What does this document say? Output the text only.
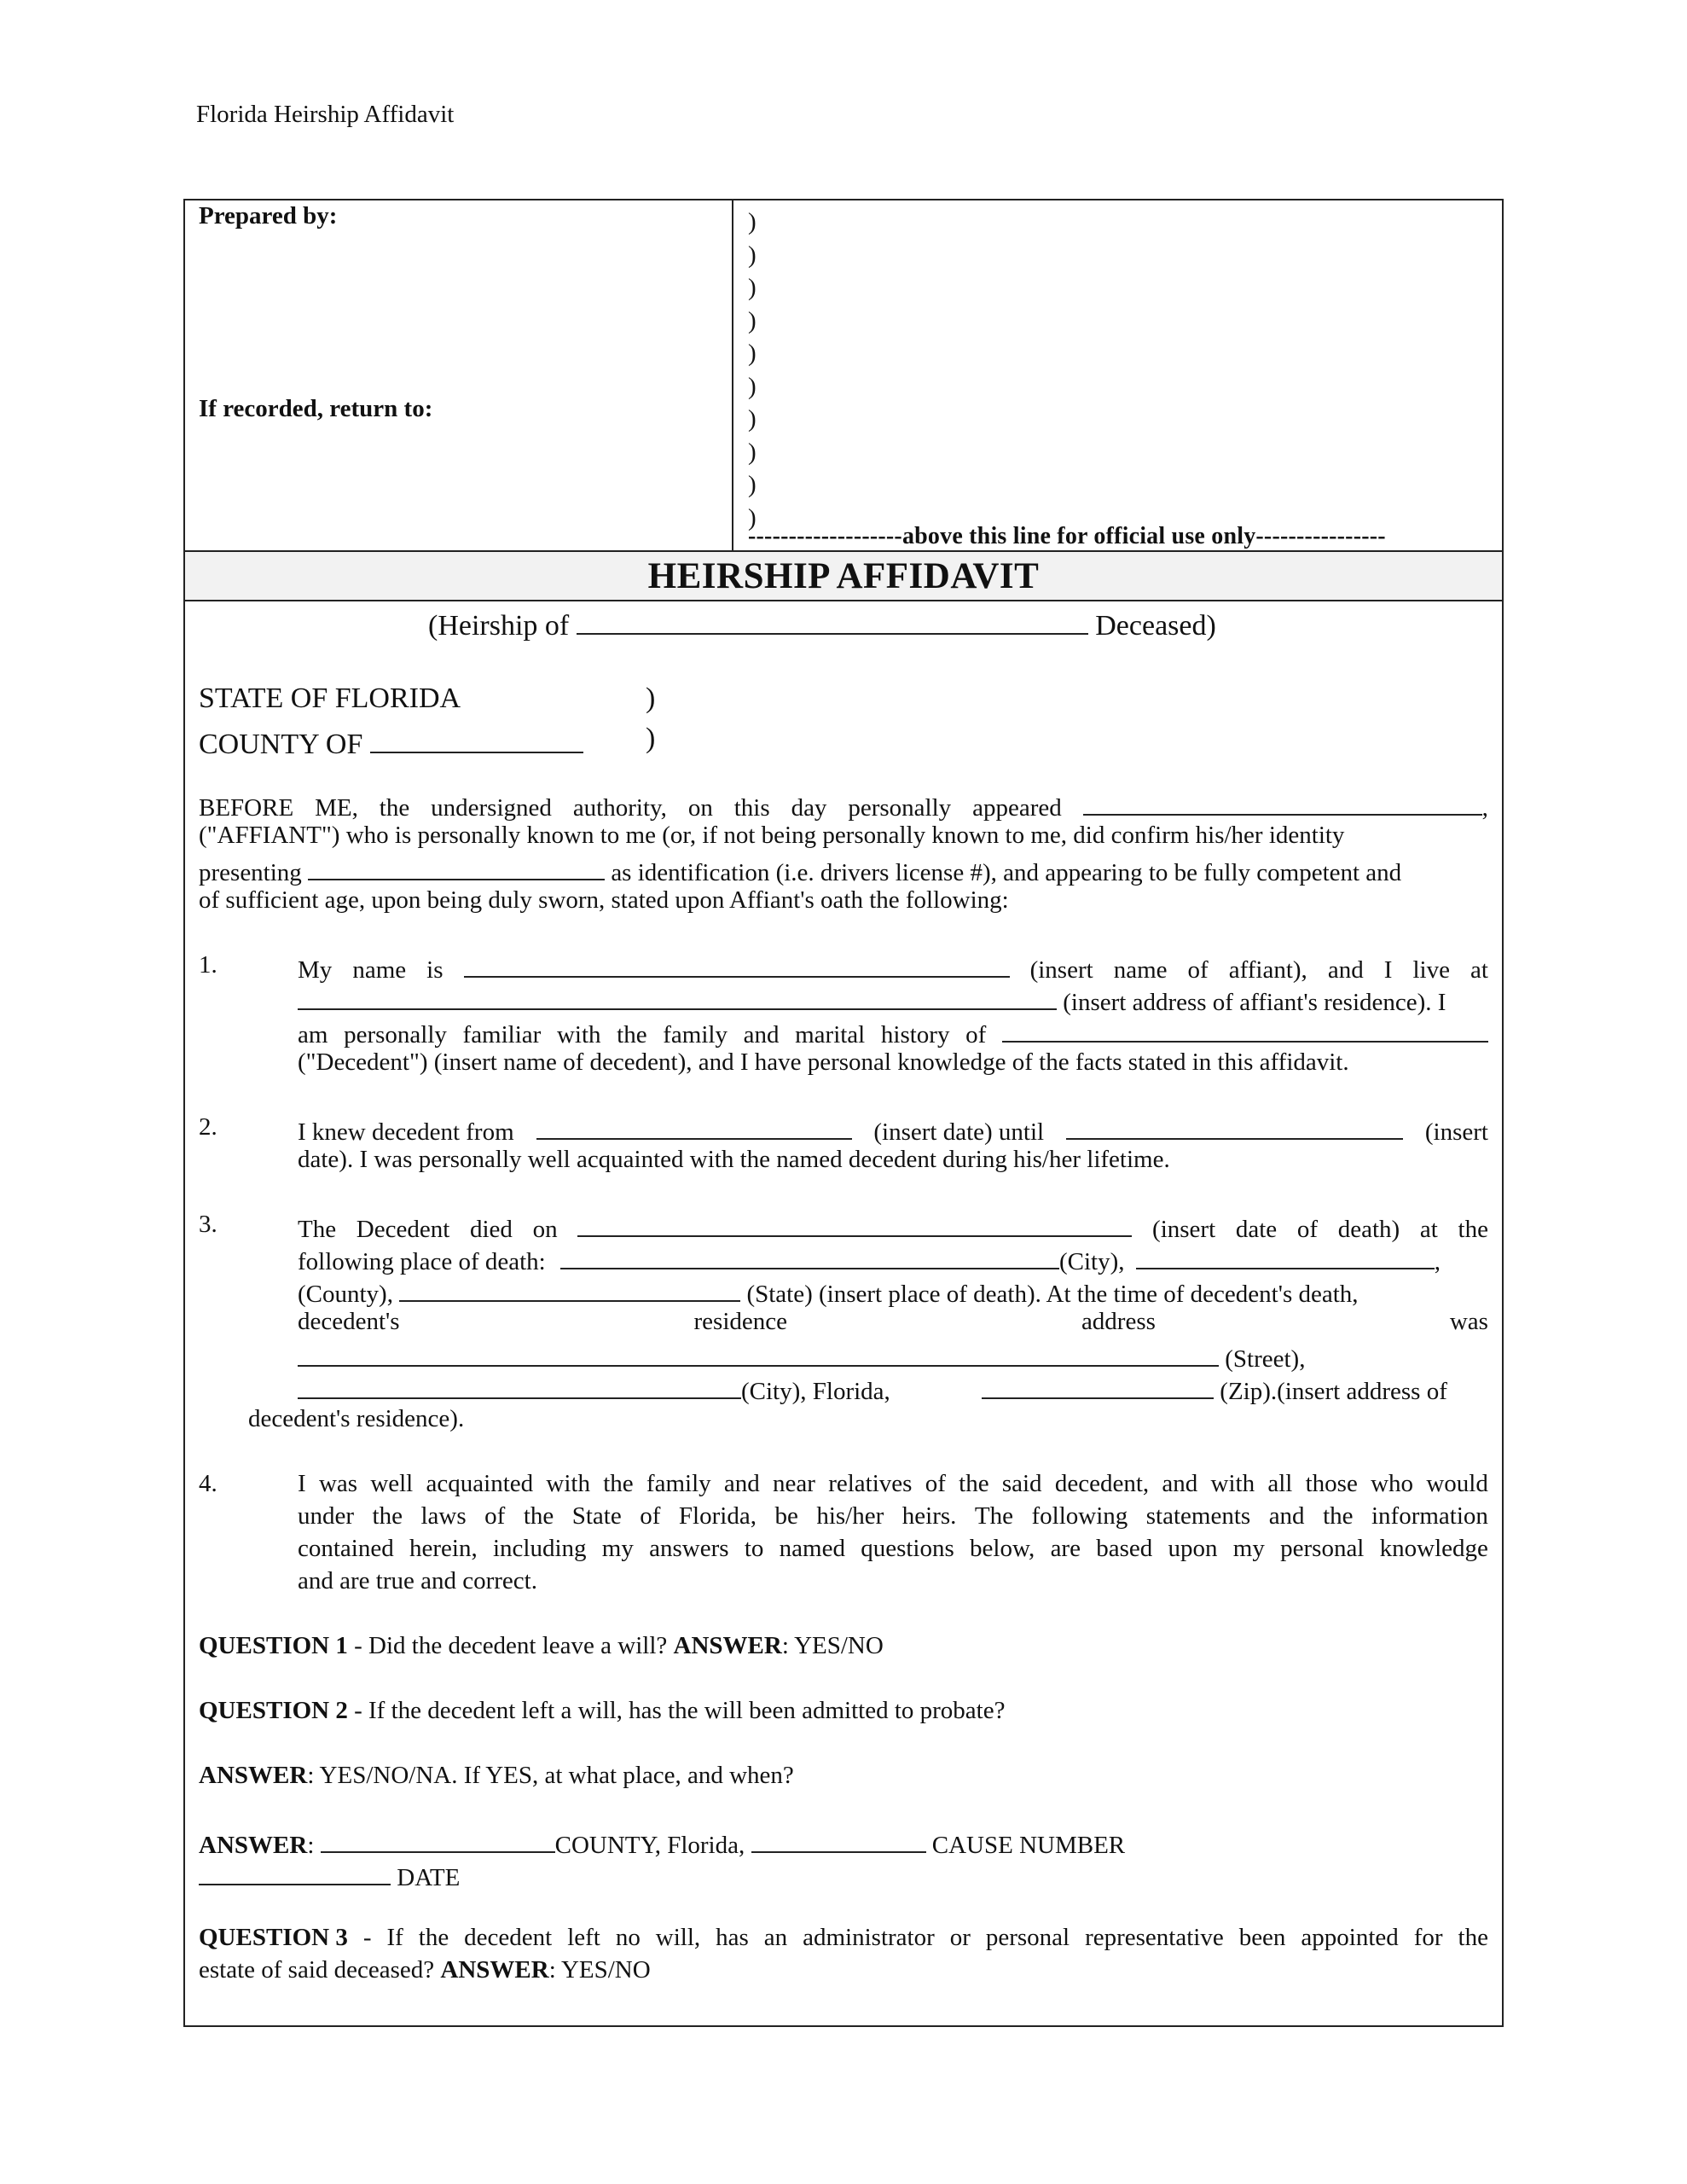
Florida Heirship Affidavit
Prepared by:
If recorded, return to:
)
)
)
)
)
)
)
)
)
)
-------------------above this line for official use only----------------
HEIRSHIP AFFIDAVIT
(Heirship of	Deceased)
STATE OF FLORIDA	)
COUNTY OF	)
BEFORE ME, the undersigned authority, on this day personally appeared	,
("AFFIANT") who is personally known to me (or, if not being personally known to me, did confirm his/her identity
presenting	as identification (i.e. drivers license #), and appearing to be fully competent and
of sufficient age, upon being duly sworn, stated upon Affiant's oath the following:
1.	My name is	(insert name of affiant), and I live at
(insert address of affiant's residence). I
am personally familiar with the family and marital history of
("Decedent") (insert name of decedent), and I have personal knowledge of the facts stated in this affidavit.
2.	I knew decedent from	(insert date) until	(insert
date). I was personally well acquainted with the named decedent during his/her lifetime.
3.	The Decedent died on	(insert date of death) at the
following place of death:	(City),	,
(County),	(State) (insert place of death). At the time of decedent's death,
decedent's	residence	address	was
(Street),
(City), Florida,	(Zip).(insert address of
decedent's residence).
4.	I was well acquainted with the family and near relatives of the said decedent, and with all those who would
under the laws of the State of Florida, be his/her heirs. The following statements and the information
contained herein, including my answers to named questions below, are based upon my personal knowledge
and are true and correct.
QUESTION 1 - Did the decedent leave a will? ANSWER: YES/NO
QUESTION 2 - If the decedent left a will, has the will been admitted to probate?
ANSWER: YES/NO/NA. If YES, at what place, and when?
ANSWER:	COUNTY, Florida,	CAUSE NUMBER
DATE
QUESTION 3 - If the decedent left no will, has an administrator or personal representative been appointed for the
estate of said deceased? ANSWER: YES/NO
